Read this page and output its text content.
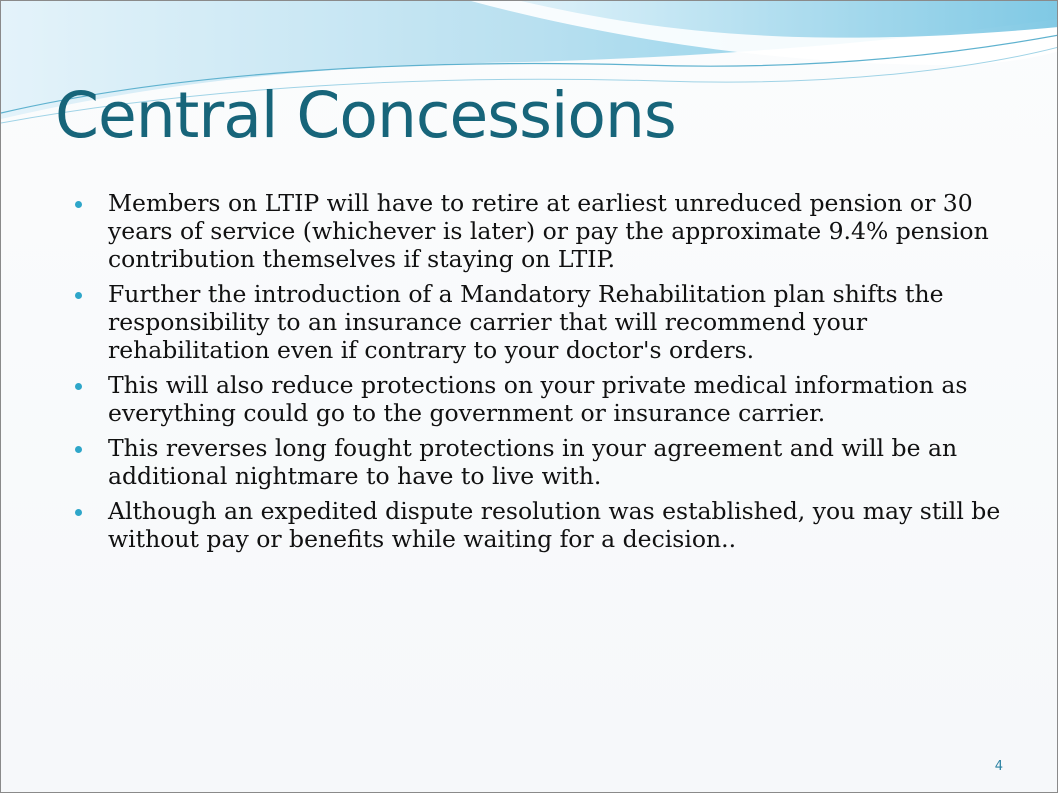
Central Concessions
Members on LTIP will have to retire at earliest unreduced pension or 30 years of service (whichever is later) or pay the approximate 9.4% pension contribution themselves if staying on LTIP.
Further the introduction of a Mandatory Rehabilitation plan shifts the responsibility to an insurance carrier that will recommend your rehabilitation even if contrary to your doctor's orders.
This will also reduce protections on your private medical information as everything could go to the government or insurance carrier.
This reverses long fought protections in your agreement and will be an additional nightmare to have to live with.
Although an expedited dispute resolution was established, you may still be without pay or benefits while waiting for a decision..
4
